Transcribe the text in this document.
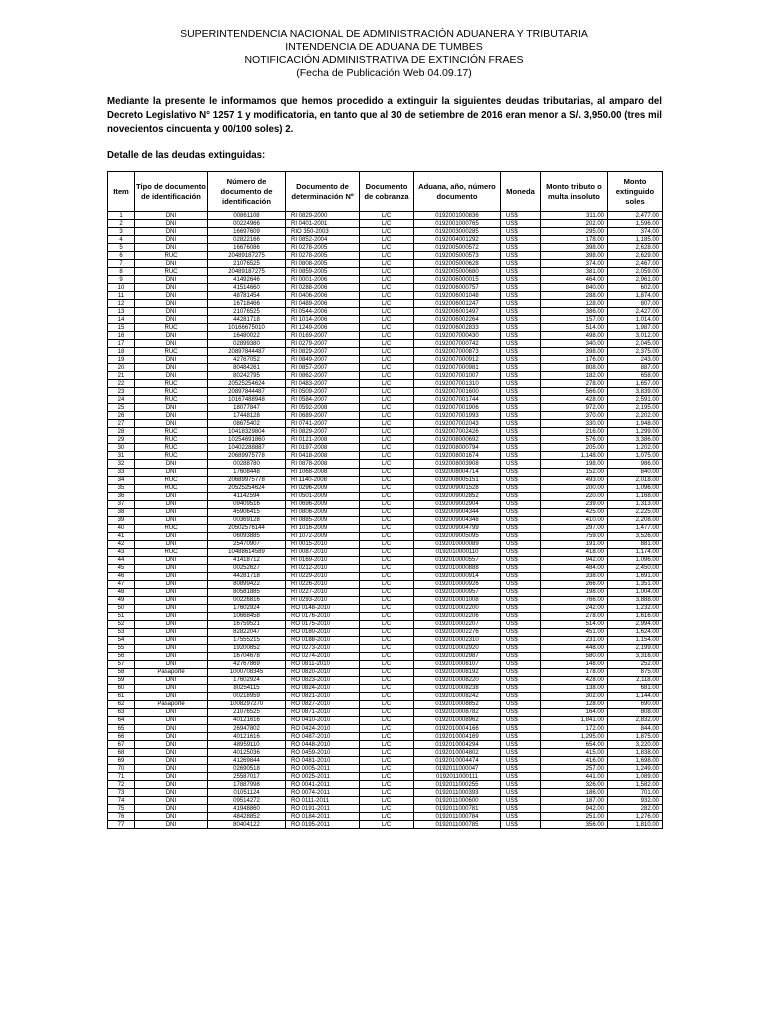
SUPERINTENDENCIA NACIONAL DE ADMINISTRACIÓN ADUANERA Y TRIBUTARIA
INTENDENCIA DE ADUANA DE TUMBES
NOTIFICACIÓN ADMINISTRATIVA DE EXTINCIÓN FRAES
(Fecha de Publicación Web 04.09.17)
Mediante la presente le informamos que hemos procedido a extinguir la siguientes deudas tributarias, al amparo del Decreto Legislativo N° 1257 1 y modificatoria, en tanto que al 30 de setiembre de 2016 eran menor a S/. 3,950.00 (tres mil novecientos cincuenta y 00/100 soles) 2.
Detalle de las deudas extinguidas:
Item	Tipo de documento de identificación	Número de documento de identificación	Documento de determinación Nº	Documento de cobranza	Aduana, año, número documento	Moneda	Monto tributo o multa insoluto	Monto extinguido soles
1	DNI	00861108	RI 0829-2000	L/C	0192001000836	US$	311.00	2,477.00
2	DNI	00224966	RI 0401-2001	L/C	0192001000765	US$	202.00	1,596.00
3	DNI	16697609	RIO 350-2003	L/C	0192003000285	US$	295.00	374.00
4	DNI	02822166	RI 0852-2004	L/C	0192004001292	US$	178.00	1,185.00
5	DNI	16676086	RI 0278-2005	L/C	0192005000572	US$	398.00	2,628.00
6	RUC	20489187275	RI 0278-2005	L/C	0192005000573	US$	398.00	2,629.00
7	DNI	21076525	RI 0808-2005	L/C	0192005000628	US$	374.00	2,467.00
8	RUC	20489187275	RI 0859-2005	L/C	0192005000680	US$	381.00	2,059.00
9	DNI	41492646	RI 0001-2006	L/C	0192006000015	US$	464.00	2,961.00
10	DNI	41514660	RI 0288-2006	L/C	0192006000757	US$	840.00	602.00
11	DNI	48781454	RI 0406-2006	L/C	0192006001048	US$	288.00	1,874.00
12	DNI	16718466	RI 0489-2006	L/C	0192006001247	US$	128.00	807.00
13	DNI	21076525	RI 0544-2006	L/C	0192006001497	US$	386.00	2,427.00
14	DNI	44281718	RI 1014-2006	L/C	0192006002264	US$	157.00	1,014.00
15	RUC	10166675010	RI 1249-2006	L/C	0192006002833	US$	514.00	1,987.00
16	DNI	16480022	RI 0169-2007	L/C	0192007000430	US$	498.00	3,012.00
17	DNI	02899380	RI 0279-2007	L/C	0192007000742	US$	340.00	2,045.00
18	RUC	20897844487	RI 0829-2007	L/C	0192007000873	US$	398.00	2,375.00
19	DNI	42767052	RI 0849-2007	L/C	0192007000912	US$	176.00	243.00
20	DNI	80484261	RI 0857-2007	L/C	0192007000981	US$	808.00	887.00
21	DNI	80242795	RI 0862-2007	L/C	0192007001007	US$	182.00	658.00
22	RUC	20525254624	RI 0483-2007	L/C	0192007001310	US$	278.00	1,657.00
23	RUC	20897844487	RI 0509-2007	L/C	0192007001600	US$	566.00	3,839.00
24	RUC	10167488948	RI 0584-2007	L/C	0192007001744	US$	428.00	2,591.00
25	DNI	18077847	RI 0592-2008	L/C	0192007001906	US$	972.00	2,195.00
26	DNI	17448128	RI 0689-2007	L/C	0192007001993	US$	370.00	2,202.00
27	DNI	08675402	RI 0741-2007	L/C	0192007002043	US$	330.00	1,948.00
28	RUC	10418329804	RI 0829-2007	L/C	0192007002426	US$	216.00	1,299.00
29	RUC	10254691860	RI 0121-2008	L/C	0192008000692	US$	576.00	3,386.00
30	RUC	10402288887	RI 0197-2008	L/C	0192008000794	US$	205.00	1,202.00
31	RUC	20689975778	RI 0418-2008	L/C	0192008001674	US$	1,148.00	1,075.00
32	DNI	00288780	RI 0878-2008	L/C	0192008003908	US$	198.00	986.00
33	DNI	17608448	RI 1068-2008	L/C	0192008004714	US$	152.00	840.00
34	RUC	20689975778	RI 1140-2008	L/C	0192008005151	US$	493.00	2,018.00
35	RUC	20525254624	RI 0296-2009	L/C	0192009001528	US$	200.00	1,096.00
36	DNI	41142594	RI 0501-2009	L/C	0192009002852	US$	220.00	1,168.00
37	DNI	09409516	RI 0696-2009	L/C	0192009002904	US$	239.00	1,313.00
38	DNI	45906415	RI 0806-2009	L/C	0192009004344	US$	425.00	2,225.00
39	DNI	00369128	RI 0885-2009	L/C	0192009004348	US$	410.00	2,208.00
40	RUC	20502576144	RI 1016-2009	L/C	0192009004799	US$	297.00	1,477.00
41	DNI	06093885	RI 1072-2009	L/C	0192009005095	US$	759.00	3,526.00
42	DNI	25470907	RI 0015-2010	L/C	0192010000089	US$	191.00	881.00
43	RUC	10488614589	RI 0087-2010	L/C	0192010000110	US$	418.00	1,174.00
44	DNI	41418712	RI 0169-2010	L/C	0192010000557	US$	942.00	1,096.00
45	DNI	00252627	RI 0212-2010	L/C	0192010000888	US$	484.00	2,450.00
46	DNI	44281718	RI 0229-2010	L/C	0192010000914	US$	338.00	1,691.00
47	DNI	80899422	RI 0226-2010	L/C	0192010000926	US$	266.00	1,351.00
48	DNI	80581885	RI 0227-2010	L/C	0192010000957	US$	198.00	1,004.00
49	DNI	00226816	RI 0293-2010	L/C	0192010001008	US$	766.00	3,888.00
50	DNI	17602924	RO 0148-2010	L/C	0192010002200	US$	242.00	1,232.00
51	DNI	10668458	RO 0176-2010	L/C	0192010002206	US$	278.00	1,616.00
52	DNI	16759521	RO 0175-2010	L/C	0192010002207	US$	514.00	2,994.00
53	DNI	82822047	RO 0180-2010	L/C	0192010002276	US$	451.00	1,624.00
54	DNI	17555215	RO 0188-2010	L/C	0192010002310	US$	231.00	1,154.00
55	DNI	19200852	RO 0273-2010	L/C	0192010002920	US$	448.00	2,199.00
56	DNI	16704678	RO 0274-2010	L/C	0192010002987	US$	580.00	3,316.00
57	DNI	42767869	RO 0811-2010	L/C	0192010008107	US$	148.00	252.00
58	Pasaporte	1000708345	RO 0820-2010	L/C	0192010008192	US$	178.00	875.00
59	DNI	17602924	RO 0823-2010	L/C	0192010008220	US$	428.00	2,118.00
60	DNI	80254115	RO 0824-2010	L/C	0192010008238	US$	138.00	681.00
61	DNI	00218959	RO 0821-2010	L/C	0192010008242	US$	302.00	1,144.00
62	Pasaporte	1008297270	RO 0827-2010	L/C	0192010008852	US$	128.00	690.00
63	DNI	21076525	RO 0871-2010	L/C	0192010008782	US$	164.00	808.00
64	DNI	40121616	RO 0410-2010	L/C	0192010008962	US$	1,841.00	2,832.00
65	DNI	26947802	RO 0424-2010	L/C	0192010004166	US$	172.00	844.00
66	DNI	40121616	RO 0487-2010	L/C	0192010004169	US$	1,295.00	1,875.00
67	DNI	48959110	RO 0448-2010	L/C	0192010004294	US$	654.00	3,220.00
68	DNI	40125036	RO 0459-2010	L/C	0192010004802	US$	415.00	1,838.00
69	DNI	41269844	RO 0481-2010	L/C	0192010004474	US$	416.00	1,698.00
70	DNI	02690518	RO 0005-2011	L/C	0192011000047	US$	257.00	1,249.00
71	DNI	25587017	RO 0025-2011	L/C	0192011000111	US$	441.00	1,089.00
72	DNI	17887998	RO 0041-2011	L/C	0192011000255	US$	326.00	1,582.00
73	DNI	01051124	RO 0074-2011	L/C	0192011000393	US$	186.00	701.00
74	DNI	09514272	RO 0111-2011	L/C	0192011000600	US$	187.00	932.00
75	DNI	41948860	RO 0191-2011	L/C	0192011000781	US$	942.00	282.00
76	DNI	48428852	RO 0184-2011	L/C	0192011000784	US$	251.00	1,276.00
77	DNI	80404122	RO 0195-2011	L/C	0192011000785	US$	356.00	1,810.00
